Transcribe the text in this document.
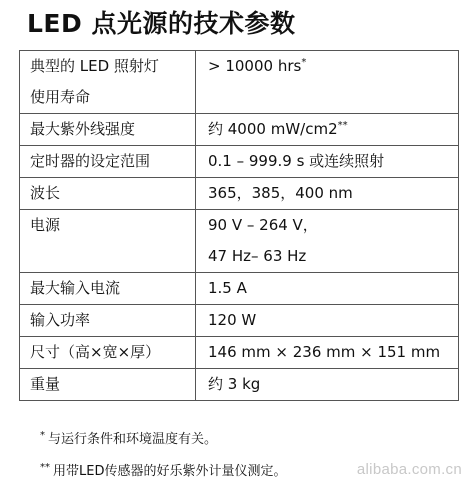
LED 点光源的技术参数
典型的 LED 照射灯
使用寿命	> 10000 hrs*

最大紫外线强度	约 4000 mW/cm2**

定时器的设定范围	0.1 – 999.9 s 或连续照射

波长	365，385，400 nm

电源	90 V – 264 V，
47 Hz– 63 Hz

最大输入电流	1.5 A

输入功率	120 W

尺寸（高×宽×厚）	146 mm × 236 mm × 151 mm

重量	约 3 kg
* 与运行条件和环境温度有关。
** 用带LED传感器的好乐紫外计量仪测定。	alibaba.com.cn
